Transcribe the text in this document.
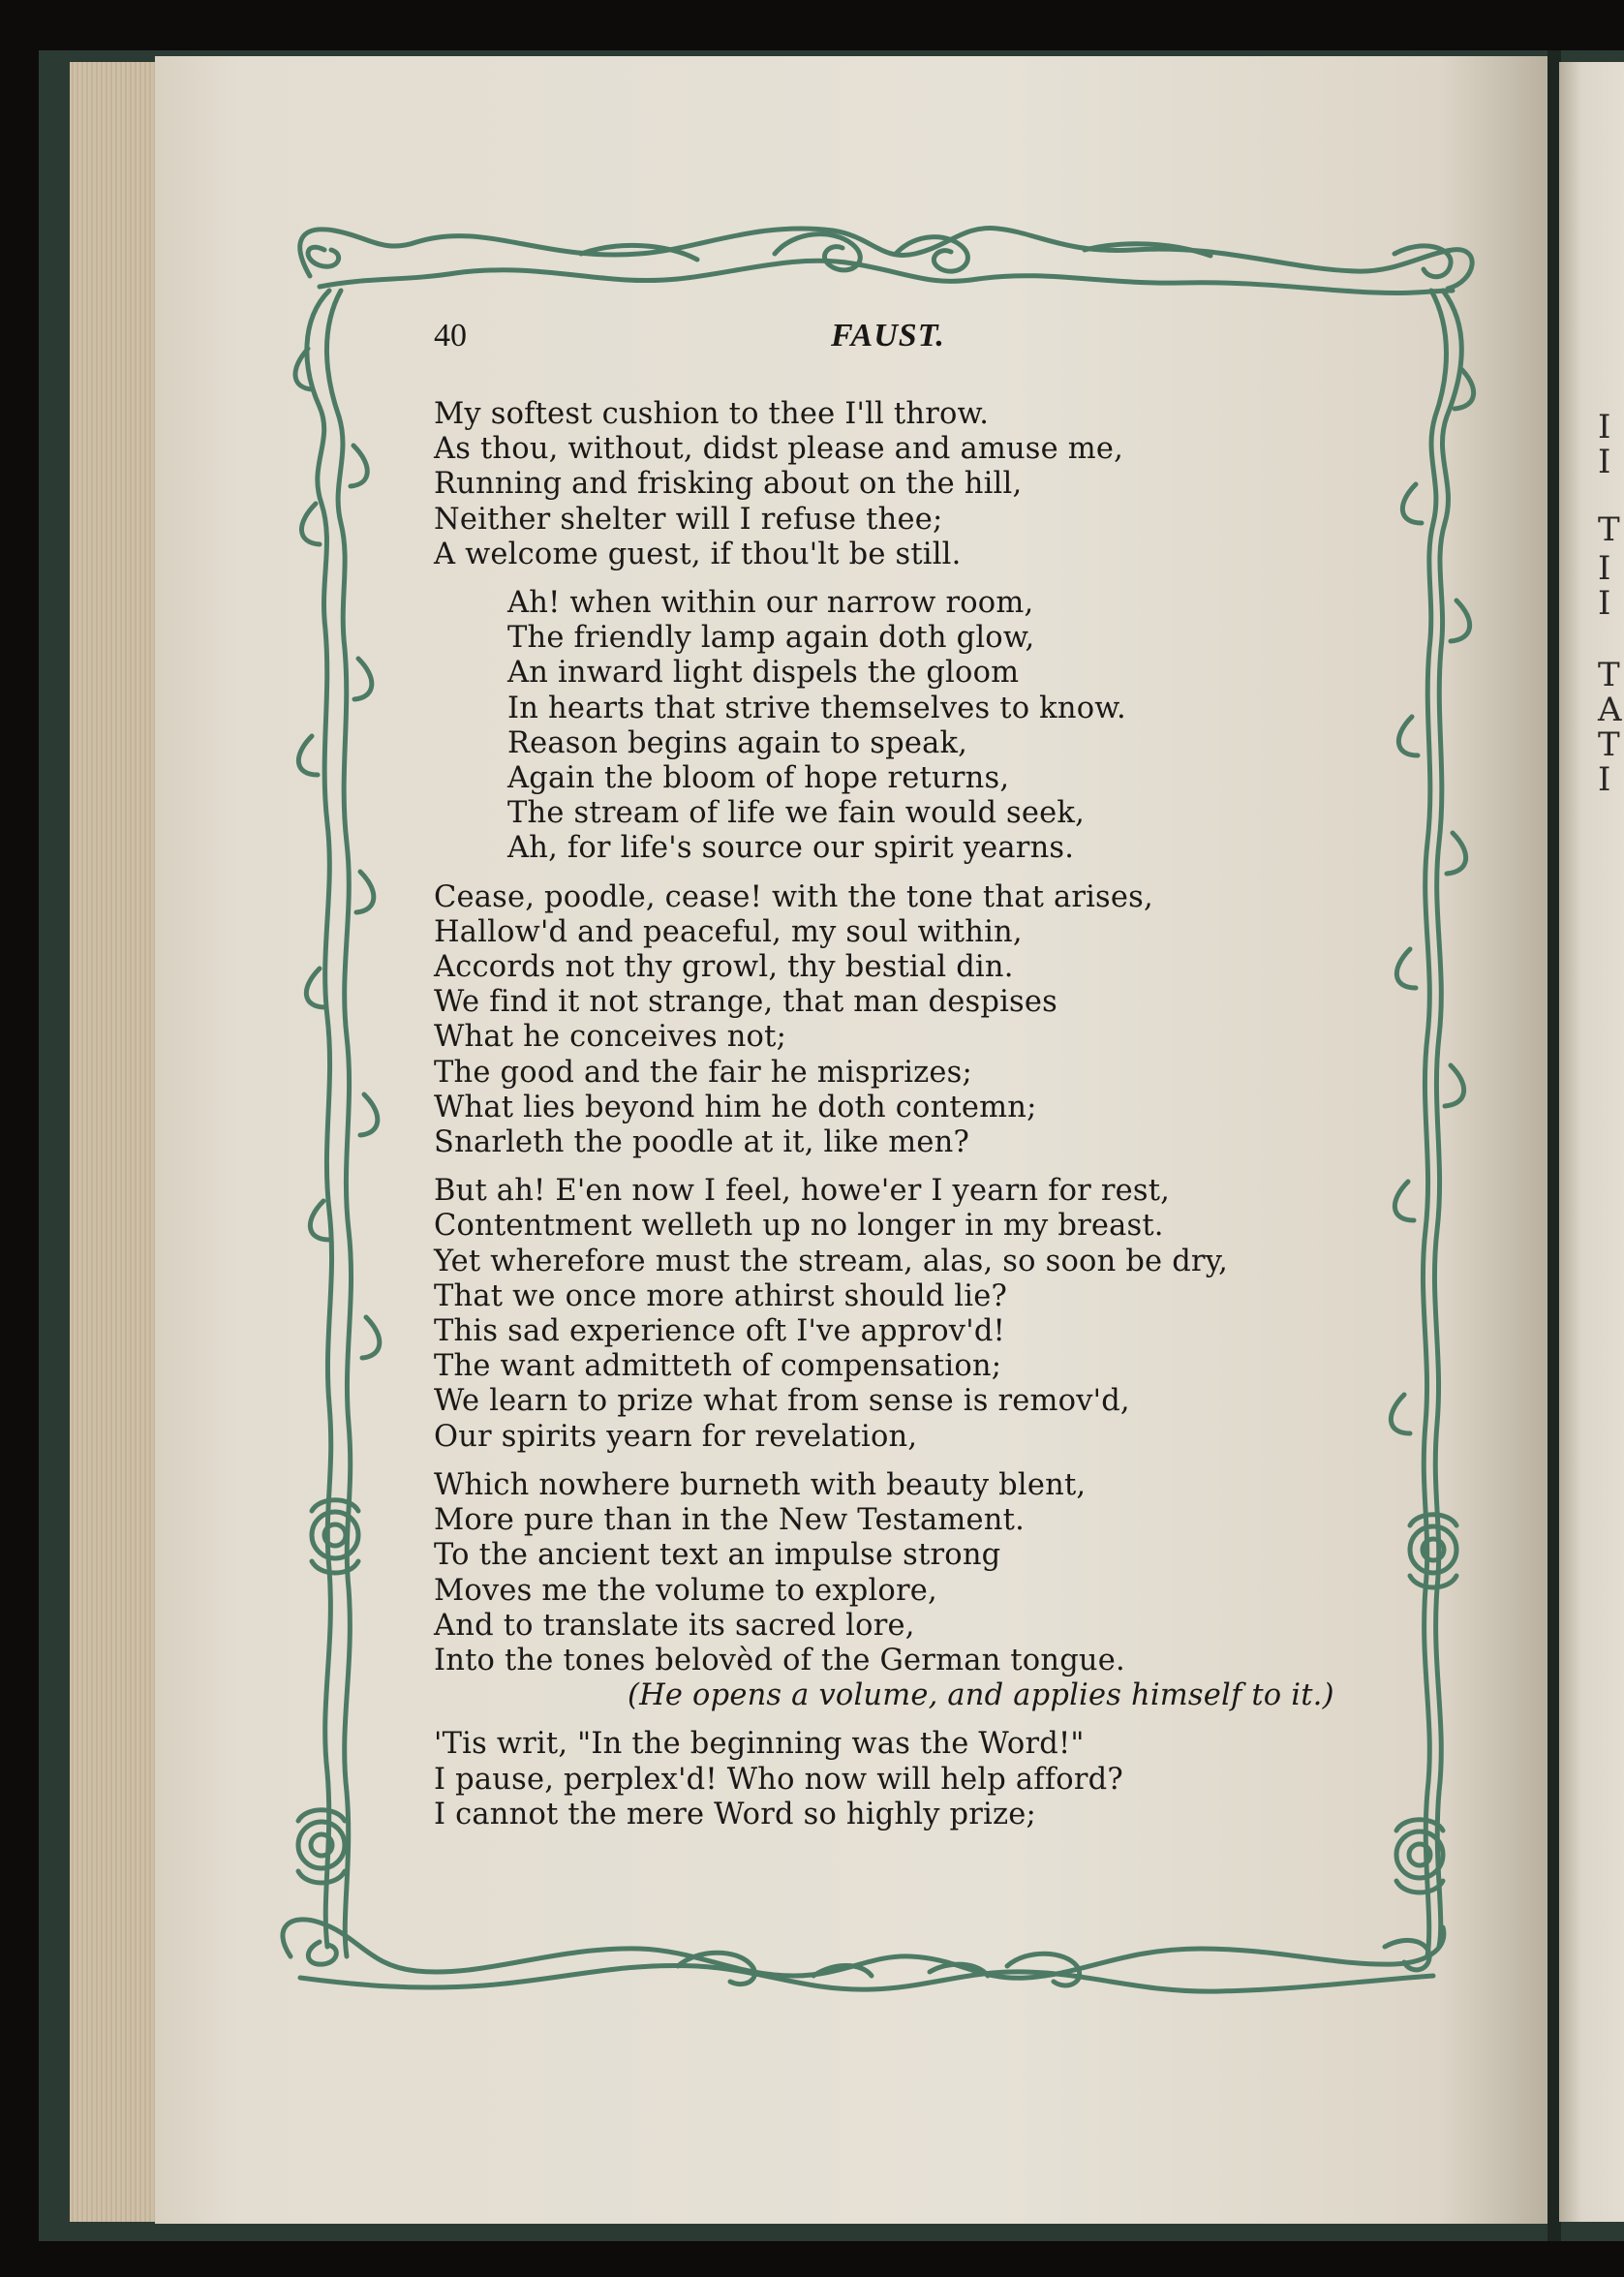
I
I
T
I
I
T
A
T
I
40	FAUST.
My softest cushion to thee I'll throw.
As thou, without, didst please and amuse me,
Running and frisking about on the hill,
Neither shelter will I refuse thee;
A welcome guest, if thou'lt be still.
Ah! when within our narrow room,
The friendly lamp again doth glow,
An inward light dispels the gloom
In hearts that strive themselves to know.
Reason begins again to speak,
Again the bloom of hope returns,
The stream of life we fain would seek,
Ah, for life's source our spirit yearns.
Cease, poodle, cease! with the tone that arises,
Hallow'd and peaceful, my soul within,
Accords not thy growl, thy bestial din.
We find it not strange, that man despises
What he conceives not;
The good and the fair he misprizes;
What lies beyond him he doth contemn;
Snarleth the poodle at it, like men?
But ah! E'en now I feel, howe'er I yearn for rest,
Contentment welleth up no longer in my breast.
Yet wherefore must the stream, alas, so soon be dry,
That we once more athirst should lie?
This sad experience oft I've approv'd!
The want admitteth of compensation;
We learn to prize what from sense is remov'd,
Our spirits yearn for revelation,
Which nowhere burneth with beauty blent,
More pure than in the New Testament.
To the ancient text an impulse strong
Moves me the volume to explore,
And to translate its sacred lore,
Into the tones belovèd of the German tongue.
(He opens a volume, and applies himself to it.)
'Tis writ, "In the beginning was the Word!"
I pause, perplex'd! Who now will help afford?
I cannot the mere Word so highly prize;
